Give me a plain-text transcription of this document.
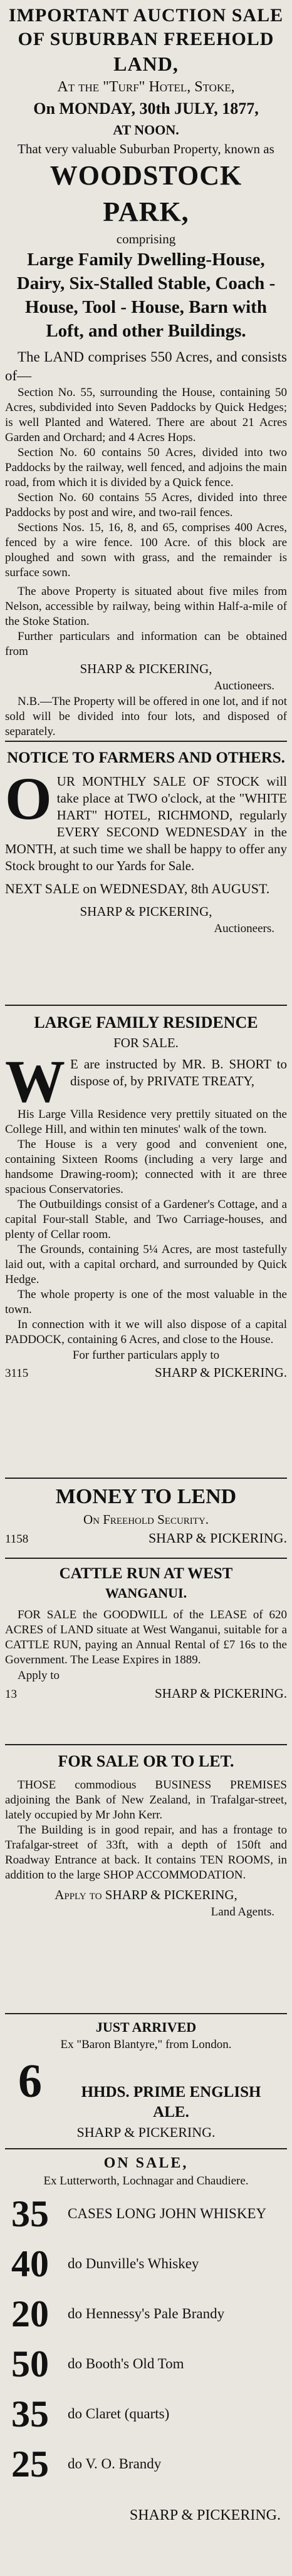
IMPORTANT AUCTION SALE
OF SUBURBAN FREEHOLD
LAND,
At the "Turf" Hotel, Stoke,
On MONDAY, 30th JULY, 1877,
AT NOON.
That very valuable Suburban Property, known as
WOODSTOCK PARK,
comprising
Large Family Dwelling-House, Dairy, Six-Stalled Stable, Coach - House, Tool - House, Barn with Loft, and other Buildings.
The LAND comprises 550 Acres, and consists of—
Section No. 55, surrounding the House, containing 50 Acres, subdivided into Seven Paddocks by Quick Hedges; is well Planted and Watered. There are about 21 Acres Garden and Orchard; and 4 Acres Hops.
Section No. 60 contains 50 Acres, divided into two Paddocks by the railway, well fenced, and adjoins the main road, from which it is divided by a Quick fence.
Section No. 60 contains 55 Acres, divided into three Paddocks by post and wire, and two-rail fences.
Sections Nos. 15, 16, 8, and 65, comprises 400 Acres, fenced by a wire fence. 100 Acre. of this block are ploughed and sown with grass, and the remainder is surface sown.
The above Property is situated about five miles from Nelson, accessible by railway, being within Half-a-mile of the Stoke Station.
Further particulars and information can be obtained from
SHARP & PICKERING,
Auctioneers.
N.B.—The Property will be offered in one lot, and if not sold will be divided into four lots, and disposed of separately.
NOTICE TO FARMERS AND OTHERS.
O UR MONTHLY SALE OF STOCK will take place at TWO o'clock, at the "WHITE HART" HOTEL, RICHMOND, regularly EVERY SECOND WEDNESDAY in the MONTH, at such time we shall be happy to offer any Stock brought to our Yards for Sale.
NEXT SALE on WEDNESDAY, 8th AUGUST.
SHARP & PICKERING,
Auctioneers.
LARGE FAMILY RESIDENCE
FOR SALE.
W E are instructed by MR. B. SHORT to dispose of, by PRIVATE TREATY,
His Large Villa Residence very prettily situated on the College Hill, and within ten minutes' walk of the town.
The House is a very good and convenient one, containing Sixteen Rooms (including a very large and handsome Drawing-room); connected with it are three spacious Conservatories.
The Outbuildings consist of a Gardener's Cottage, and a capital Four-stall Stable, and Two Carriage-houses, and plenty of Cellar room.
The Grounds, containing 5¼ Acres, are most tastefully laid out, with a capital orchard, and surrounded by Quick Hedge.
The whole property is one of the most valuable in the town.
In connection with it we will also dispose of a capital PADDOCK, containing 6 Acres, and close to the House.
For further particulars apply to
3115	SHARP & PICKERING.
MONEY TO LEND
On Freehold Security.
1158	SHARP & PICKERING.
CATTLE RUN AT WEST
WANGANUI.
FOR SALE the GOODWILL of the LEASE of 620 ACRES of LAND situate at West Wanganui, suitable for a CATTLE RUN, paying an Annual Rental of £7 16s to the Government. The Lease Expires in 1889.
Apply to
13	SHARP & PICKERING.
FOR SALE OR TO LET.
THOSE commodious BUSINESS PREMISES adjoining the Bank of New Zealand, in Trafalgar-street, lately occupied by Mr John Kerr.
The Building is in good repair, and has a frontage to Trafalgar-street of 33ft, with a depth of 150ft and Roadway Entrance at back. It contains TEN ROOMS, in addition to the large SHOP ACCOMMODATION.
Apply to SHARP & PICKERING,
Land Agents.
JUST ARRIVED
Ex "Baron Blantyre," from London.
6	HHDS. PRIME ENGLISH
ALE.
SHARP & PICKERING.
ON SALE,
Ex Lutterworth, Lochnagar and Chaudiere.
35	CASES LONG JOHN WHISKEY
40	do Dunville's Whiskey
20	do Hennessy's Pale Brandy
50	do Booth's Old Tom
35	do Claret (quarts)
25	do V. O. Brandy
SHARP & PICKERING.
